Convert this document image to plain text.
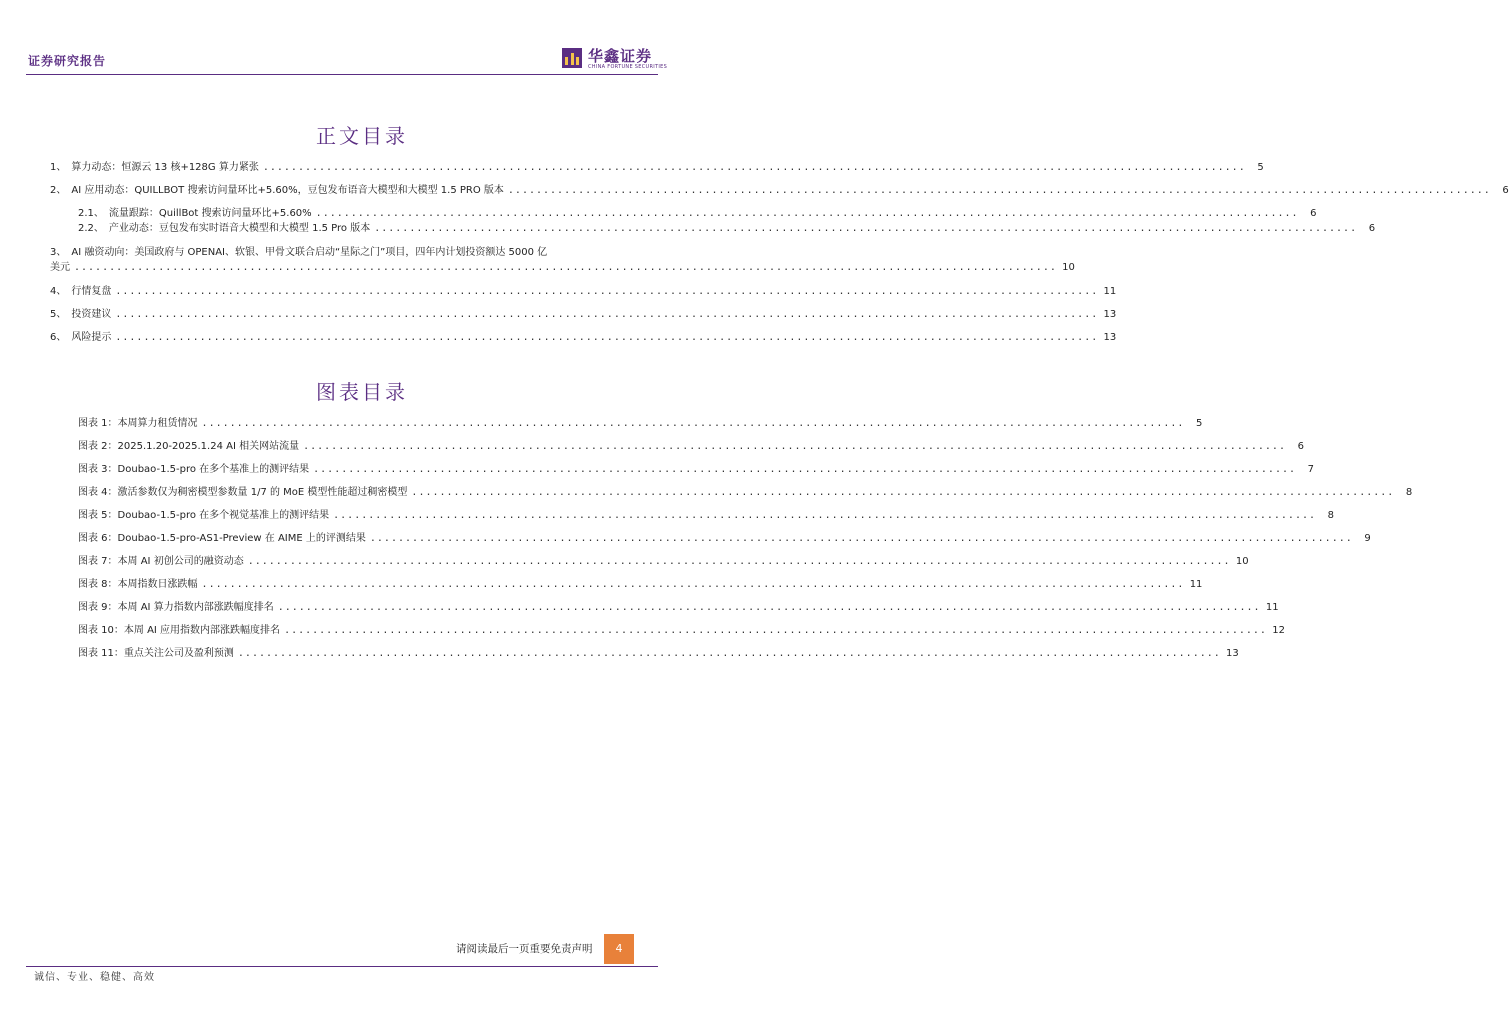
证券研究报告	华鑫证券
CHINA FORTUNE SECURITIES
正文目录
1、　算力动态：恒源云 13 核+128G 算力紧张 ............................................................................................................................................	5
2、　AI 应用动态：QUILLBOT 搜索访问量环比+5.60%，豆包发布语音大模型和大模型 1.5 PRO 版本 ............................................................................................................................................	6
2.1、　流量跟踪：QuillBot 搜索访问量环比+5.60% ............................................................................................................................................	6
2.2、　产业动态：豆包发布实时语音大模型和大模型 1.5 Pro 版本 ............................................................................................................................................	6
3、　AI 融资动向：美国政府与 OPENAI、软银、甲骨文联合启动“星际之门”项目，四年内计划投资额达 5000 亿
美元 ............................................................................................................................................ 10
4、　行情复盘 ............................................................................................................................................ 11
5、　投资建议 ............................................................................................................................................ 13
6、　风险提示 ............................................................................................................................................ 13
图表目录
图表 1：本周算力租赁情况 ............................................................................................................................................	5
图表 2：2025.1.20-2025.1.24 AI 相关网站流量 ............................................................................................................................................	6
图表 3：Doubao-1.5-pro 在多个基准上的测评结果 ............................................................................................................................................	7
图表 4：激活参数仅为稠密模型参数量 1/7 的 MoE 模型性能超过稠密模型 ............................................................................................................................................	8
图表 5：Doubao-1.5-pro 在多个视觉基准上的测评结果 ............................................................................................................................................	8
图表 6：Doubao-1.5-pro-AS1-Preview 在 AIME 上的评测结果 ............................................................................................................................................	9
图表 7：本周 AI 初创公司的融资动态 ............................................................................................................................................ 10
图表 8：本周指数日涨跌幅 ............................................................................................................................................ 11
图表 9：本周 AI 算力指数内部涨跌幅度排名 ............................................................................................................................................ 11
图表 10：本周 AI 应用指数内部涨跌幅度排名 ............................................................................................................................................ 12
图表 11：重点关注公司及盈利预测 ............................................................................................................................................ 13
请阅读最后一页重要免责声明	4
诚信、专业、稳健、高效
